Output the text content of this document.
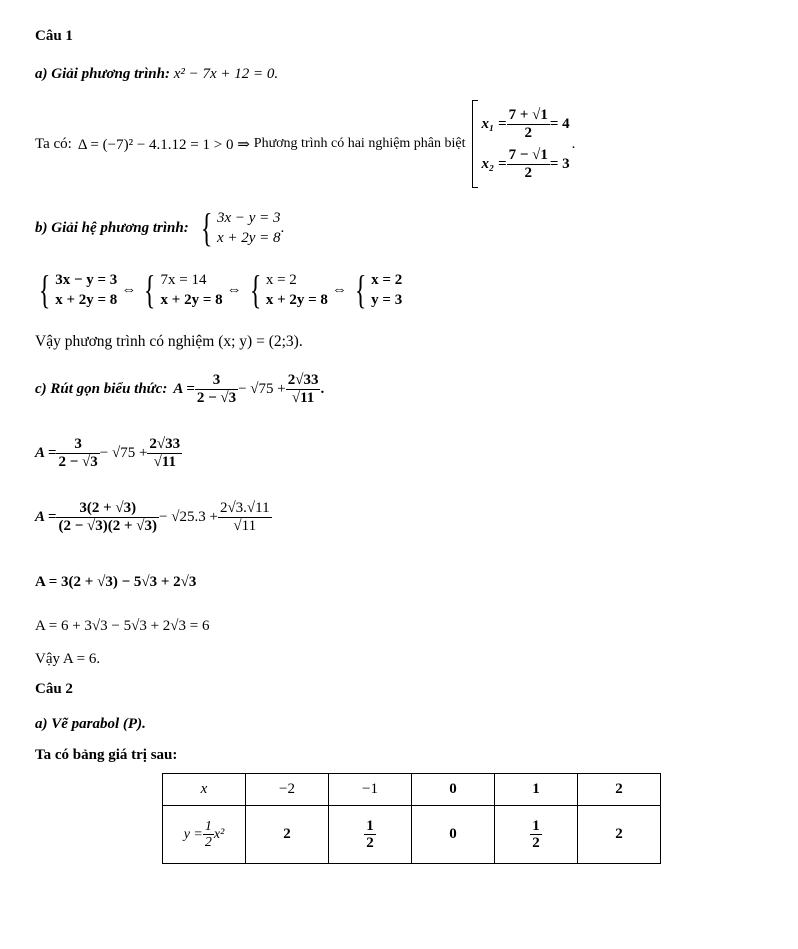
Câu 1
a) Giải phương trình: x² − 7x + 12 = 0.
Ta có: Δ = (−7)² − 4.1.12 = 1 > 0 ⇒ Phương trình có hai nghiệm phân biệt
$x_1 = \frac{7 + √1}{2} = 4$
$x_2 = \frac{7 - √1}{2} = 3$
.
b) Giải hệ phương trình: { 3x − y = 3
x + 2y = 8
.
{ 3x − y = 3
x + 2y = 8
⇔ { 7x = 14
x + 2y = 8
⇔ { x = 2
x + 2y = 8
⇔ { x = 2
y = 3
Vậy phương trình có nghiệm (x; y) = (2;3).
c) Rút gọn biểu thức: $A = \frac{3}{2 - √3} - √75 + \frac{2√33}{√11}$ .
$A = \frac{3}{2 - √3} - √75 + \frac{2√33}{√11}$
$A = \frac{3(2 + √3)}{(2 - √3)(2 + √3)} - √25.3 + \frac{2√3.√11}{√11}$
A = 3(2 + √3) − 5√3 + 2√3
A = 6 + 3√3 − 5√3 + 2√3 = 6
Vậy A = 6.
Câu 2
a) Vẽ parabol (P).
Ta có bảng giá trị sau:
x	−2	−1	0	1	2

$y = \frac{1}{2} x^2$	2	$\frac{1}{2}$	0	$\frac{1}{2}$	2
